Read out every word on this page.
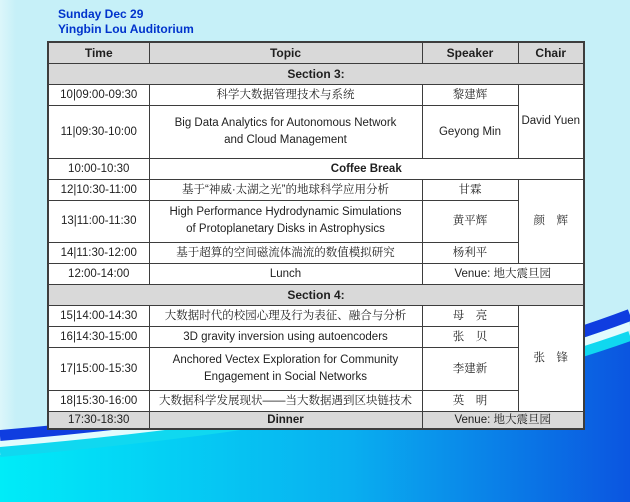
Sunday Dec 29
Yingbin Lou Auditorium
Time	Topic	Speaker	Chair
Section 3:			
10|09:00-09:30	科学大数据管理技术与系统	黎建辉	David Yuen
11|09:30-10:00	Big Data Analytics for Autonomous Network
and Cloud Management	Geyong Min	
10:00-10:30	Coffee Break		
12|10:30-11:00	基于“神威·太湖之光”的地球科学应用分析	甘霖	颜　辉
13|11:00-11:30	High Performance Hydrodynamic Simulations
of Protoplanetary Disks in Astrophysics	黄平辉	
14|11:30-12:00	基于超算的空间磁流体湍流的数值模拟研究	杨利平	
12:00-14:00	Lunch	Venue: 地大震旦园	
Section 4:			
15|14:00-14:30	大数据时代的校园心理及行为表征、融合与分析	母　亮	张　锋
16|14:30-15:00	3D gravity inversion using autoencoders	张　贝	
17|15:00-15:30	Anchored Vectex Exploration for Community
Engagement in Social Networks	李建新	
18|15:30-16:00	大数据科学发展现状——当大数据遇到区块链技术	英　明	
17:30-18:30	Dinner	Venue: 地大震旦园	
